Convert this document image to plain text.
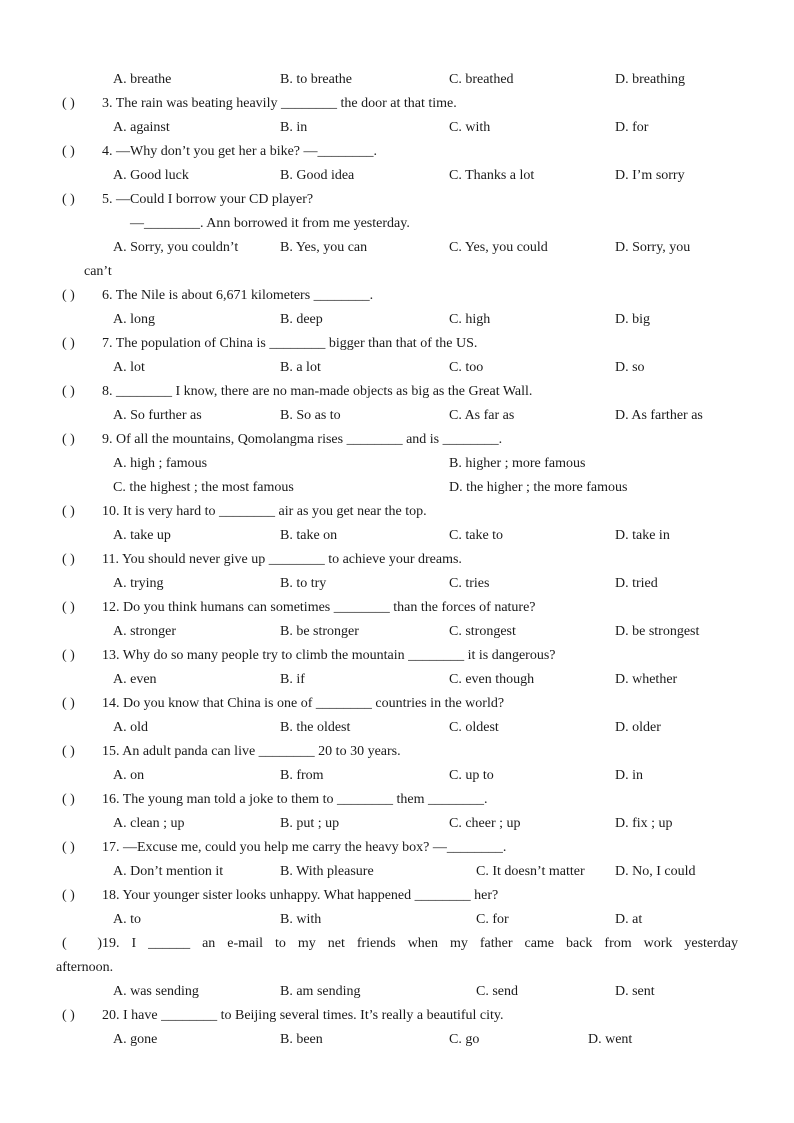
A. breathe	B. to breathe	C. breathed	D. breathing
( ) 3. The rain was beating heavily ________ the door at that time.
A. against	B. in	C. with	D. for
( ) 4. —Why don’t you get her a bike? —________.
A. Good luck	B. Good idea	C. Thanks a lot	D. I’m sorry
( ) 5. —Could I borrow your CD player?
—________. Ann borrowed it from me yesterday.
A. Sorry, you couldn’t	B. Yes, you can	C. Yes, you could	D. Sorry, you
can’t
( ) 6. The Nile is about 6,671 kilometers ________.
A. long	B. deep	C. high	D. big
( ) 7. The population of China is ________ bigger than that of the US.
A. lot	B. a lot	C. too	D. so
( ) 8. ________ I know, there are no man-made objects as big as the Great Wall.
A. So further as	B. So as to	C. As far as	D. As farther as
( ) 9. Of all the mountains, Qomolangma rises ________ and is ________.
A. high ; famous	B. higher ; more famous
C. the highest ; the most famous	D. the higher ; the more famous
( ) 10. It is very hard to ________ air as you get near the top.
A. take up	B. take on	C. take to	D. take in
( ) 11. You should never give up ________ to achieve your dreams.
A. trying	B. to try	C. tries	D. tried
( ) 12. Do you think humans can sometimes ________ than the forces of nature?
A. stronger	B. be stronger	C. strongest	D. be strongest
( ) 13. Why do so many people try to climb the mountain ________ it is dangerous?
A. even	B. if	C. even though	D. whether
( ) 14. Do you know that China is one of ________ countries in the world?
A. old	B. the oldest	C. oldest	D. older
( ) 15. An adult panda can live ________ 20 to 30 years.
A. on	B. from	C. up to	D. in
( ) 16. The young man told a joke to them to ________ them ________.
A. clean ; up	B. put ; up	C. cheer ; up	D. fix ; up
( ) 17. —Excuse me, could you help me carry the heavy box? —________.
A. Don’t mention it	B. With pleasure	C. It doesn’t matter D. No, I could
( ) 18. Your younger sister looks unhappy. What happened ________ her?
A. to	B. with	C. for	D. at
( )19. I ______ an e-mail to my net friends when my father came back from work yesterday
afternoon.
A. was sending	B. am sending	C. send	D. sent
( ) 20. I have ________ to Beijing several times. It’s really a beautiful city.
A. gone	B. been	C. go	D. went
